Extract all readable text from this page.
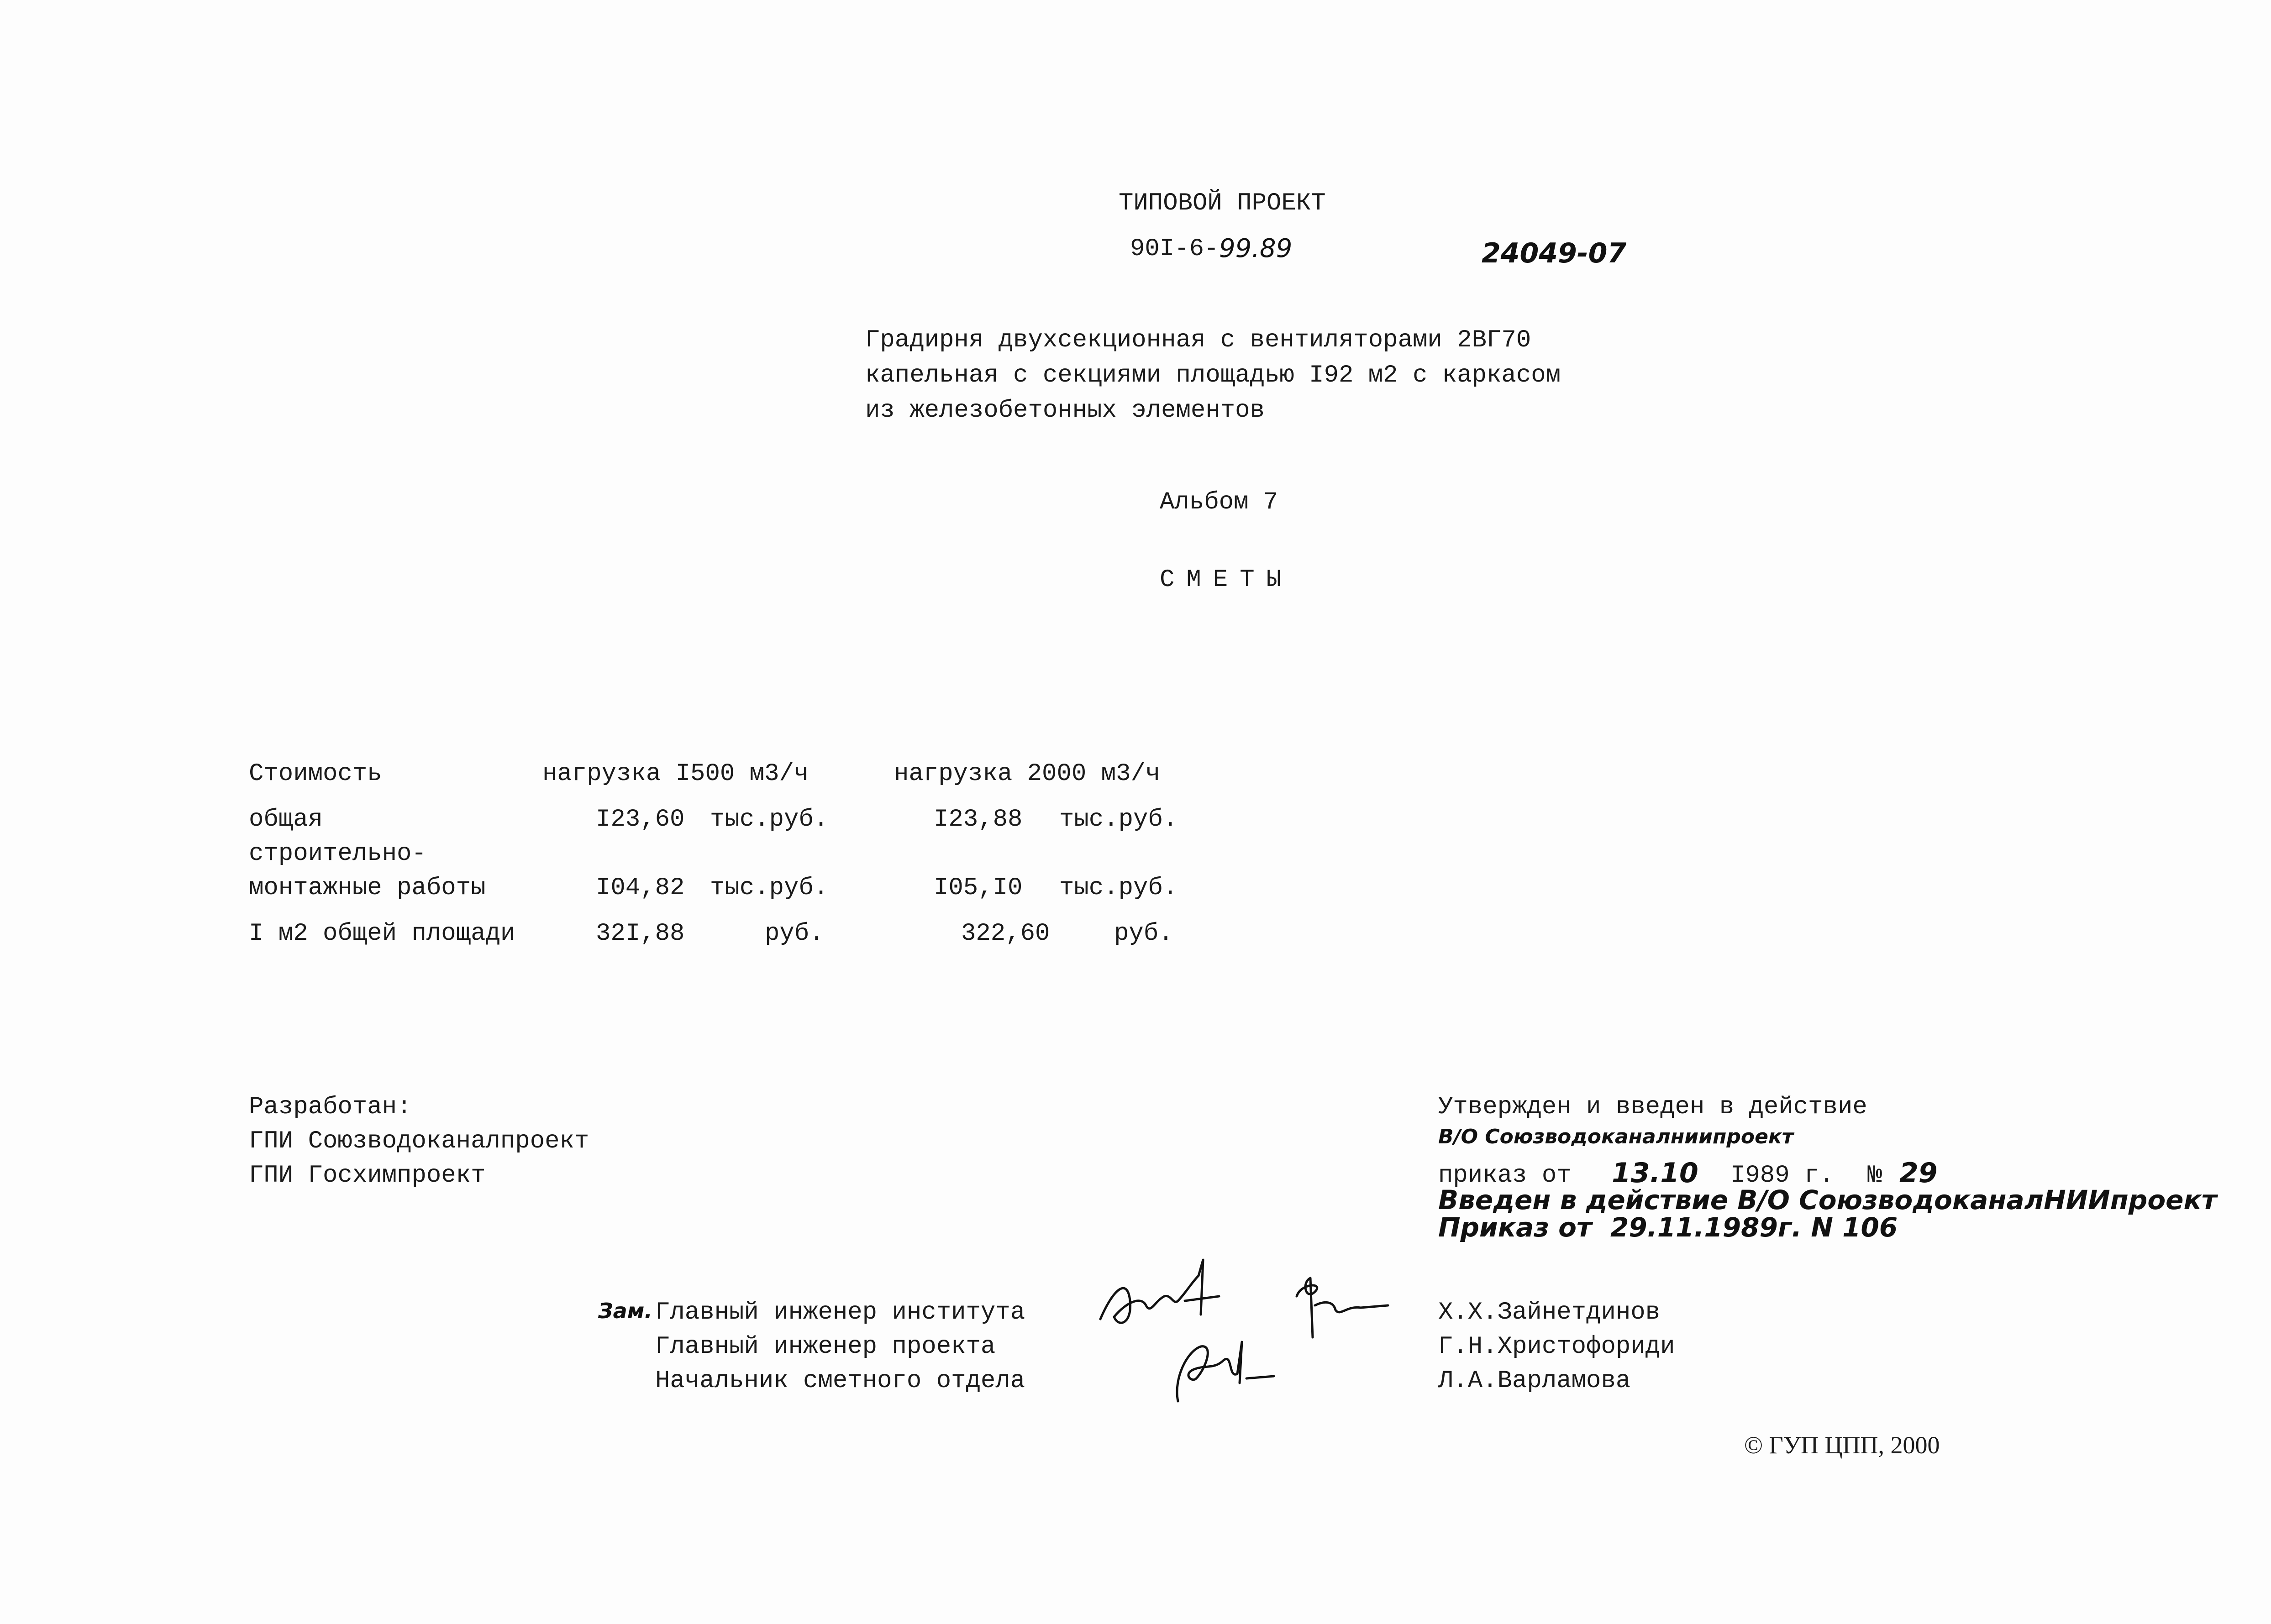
ТИПОВОЙ ПРОЕКТ
90I-6- 99.89	24049-07
Градирня двухсекционная с вентиляторами 2ВГ70
капельная с секциями площадью I92 м2 с каркасом
из железобетонных элементов
Альбом 7
СМЕТЫ
Стоимость	нагрузка I500 м3/ч	нагрузка 2000 м3/ч
общая	I23,60 тыс.руб.	I23,88 тыс.руб.
строительно-
монтажные работы	I04,82 тыс.руб.	I05,I0 тыс.руб.
I м2 общей площади	32I,88	руб.	322,60	руб.
Разработан:
ГПИ Союзводоканалпроект
ГПИ Госхимпроект
Утвержден и введен в действие
В/О Союзводоканалниипроект
приказ от 13.10 I989 г. № 29
Введен в действие В/О СоюзводоканалНИИпроект
Приказ от  29.11.1989г. N 106
Зам. Главный инженер института	Х.Х.Зайнетдинов
Главный инженер проекта	Г.Н.Христофориди
Начальник сметного отдела	Л.А.Варламова
© ГУП ЦПП, 2000
